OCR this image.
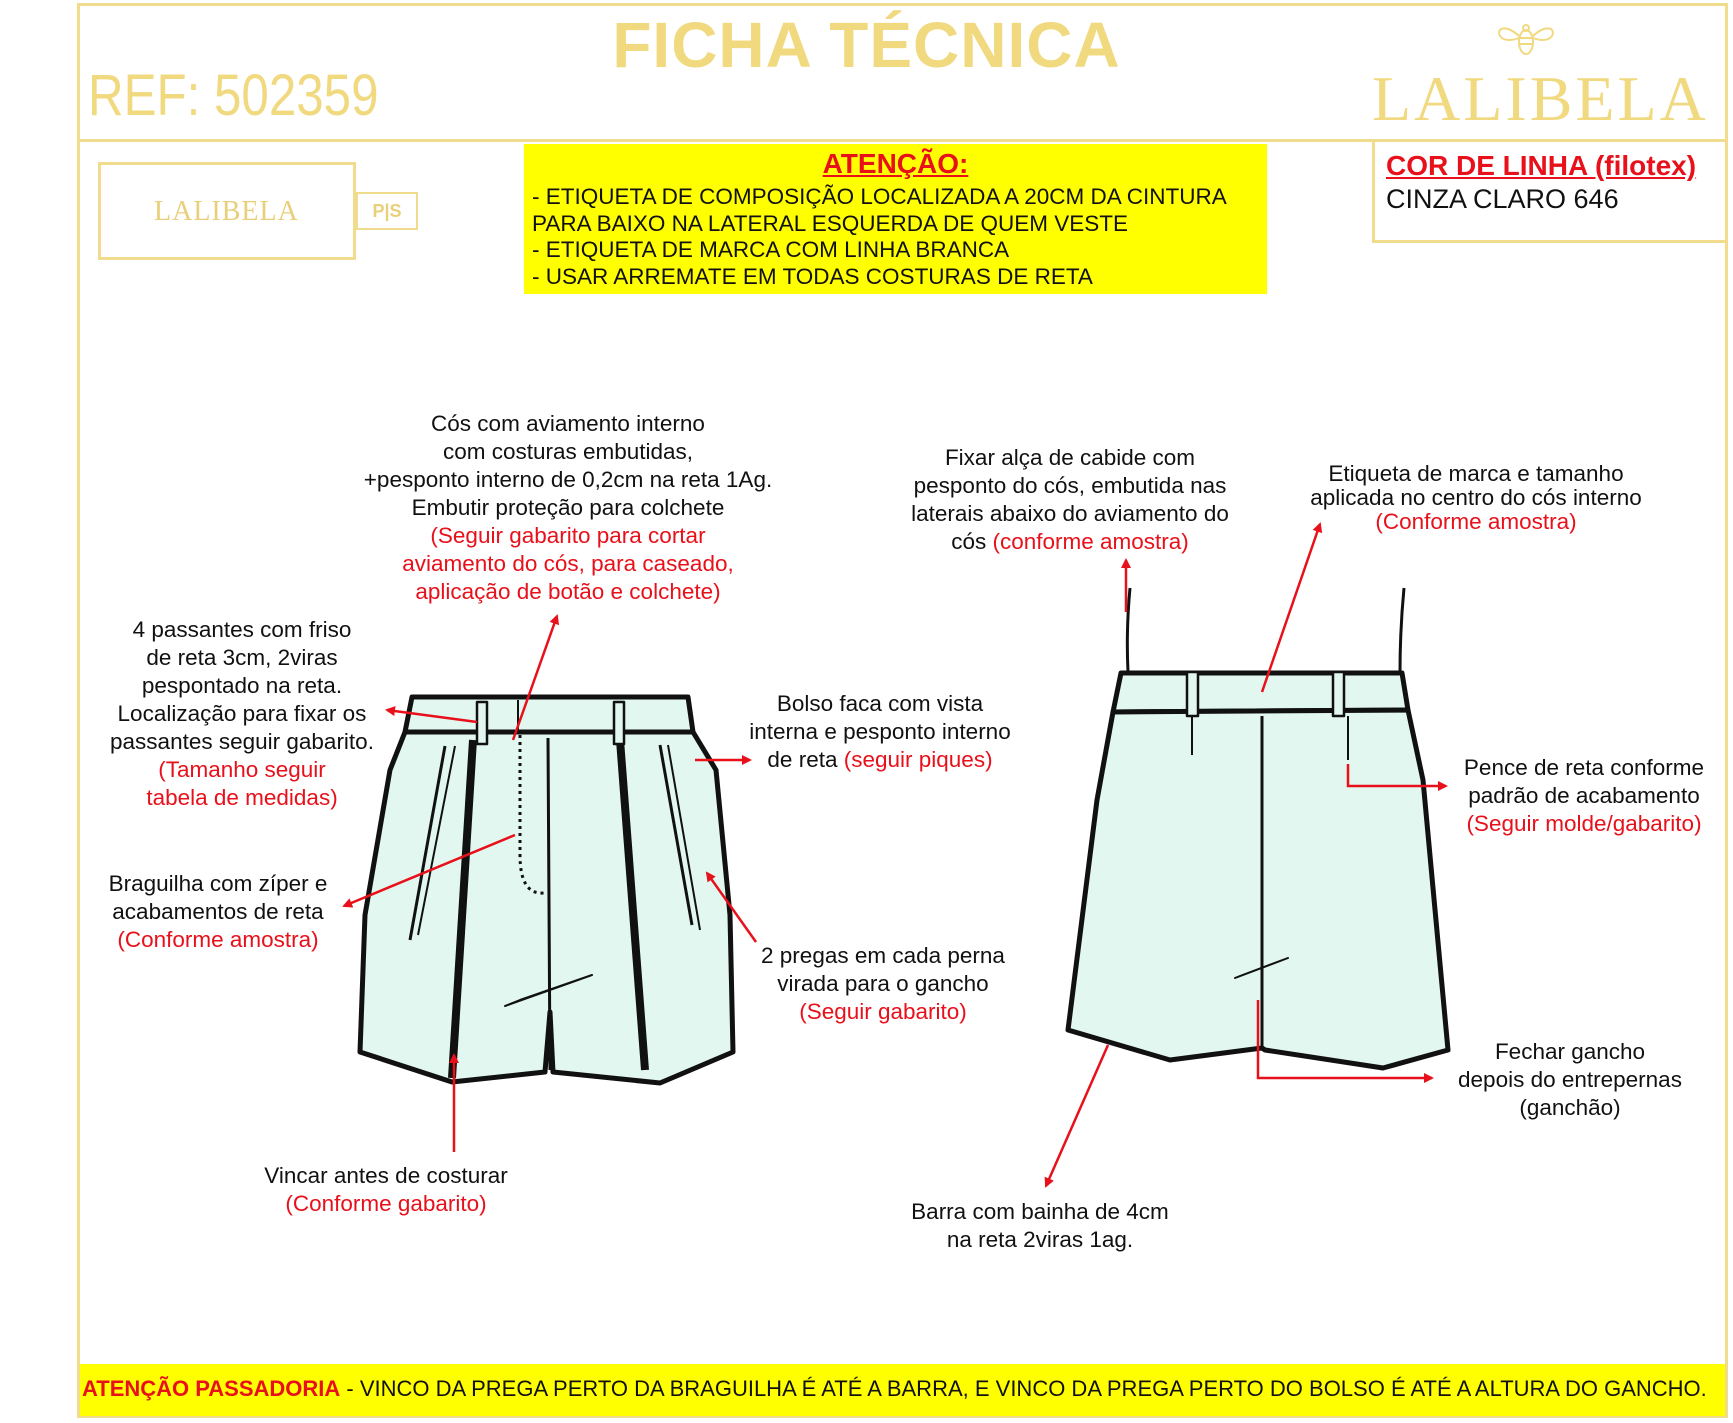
FICHA TÉCNICA
REF: 502359	LALIBELA
LALIBELA	P|S
ATENÇÃO:
- ETIQUETA DE COMPOSIÇÃO LOCALIZADA A 20CM DA CINTURA
PARA BAIXO NA LATERAL ESQUERDA DE QUEM VESTE
- ETIQUETA DE MARCA COM LINHA BRANCA
- USAR ARREMATE EM TODAS COSTURAS DE RETA
COR DE LINHA (filotex)
CINZA CLARO 646
Cós com aviamento interno
com costuras embutidas,
+pesponto interno de 0,2cm na reta 1Ag.
Embutir proteção para colchete
(Seguir gabarito para cortar
aviamento do cós, para caseado,
aplicação de botão e colchete)
4 passantes com friso
de reta 3cm, 2viras
pespontado na reta.
Localização para fixar os
passantes seguir gabarito.
(Tamanho seguir
tabela de medidas)
Bolso faca com vista
interna e pesponto interno
de reta (seguir piques)
Braguilha com zíper e
acabamentos de reta
(Conforme amostra)
2 pregas em cada perna
virada para o gancho
(Seguir gabarito)
Vincar antes de costurar
(Conforme gabarito)
Fixar alça de cabide com
pesponto do cós, embutida nas
laterais abaixo do aviamento do
cós (conforme amostra)
Etiqueta de marca e tamanho
aplicada no centro do cós interno
(Conforme amostra)
Pence de reta conforme
padrão de acabamento
(Seguir molde/gabarito)
Fechar gancho
depois do entrepernas
(ganchão)
Barra com bainha de 4cm
na reta 2viras 1ag.
ATENÇÃO PASSADORIA - VINCO DA PREGA PERTO DA BRAGUILHA É ATÉ A BARRA, E VINCO DA PREGA PERTO DO BOLSO É ATÉ A ALTURA DO GANCHO.
